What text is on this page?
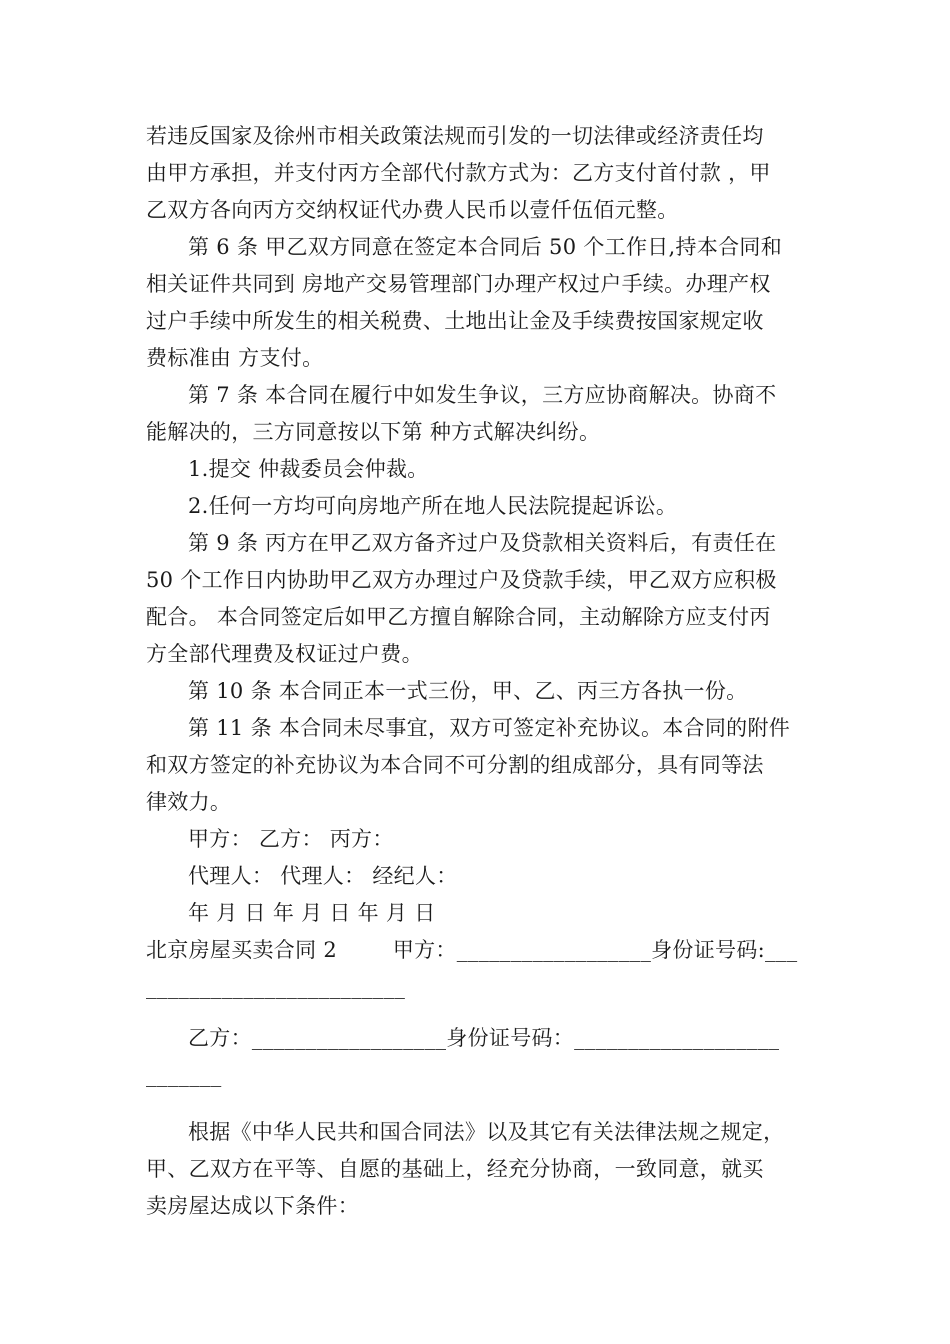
若违反国家及徐州市相关政策法规而引发的一切法律或经济责任均

由甲方承担，并支付丙方全部代付款方式为：乙方支付首付款 ，甲

乙双方各向丙方交纳权证代办费人民币以壹仟伍佰元整。

第 6 条 甲乙双方同意在签定本合同后 50 个工作日,持本合同和

相关证件共同到 房地产交易管理部门办理产权过户手续。办理产权

过户手续中所发生的相关税费、土地出让金及手续费按国家规定收

费标准由 方支付。

第 7 条 本合同在履行中如发生争议，三方应协商解决。协商不

能解决的，三方同意按以下第 种方式解决纠纷。

1.提交 仲裁委员会仲裁。

2.任何一方均可向房地产所在地人民法院提起诉讼。

第 9 条 丙方在甲乙双方备齐过户及贷款相关资料后，有责任在

50 个工作日内协助甲乙双方办理过户及贷款手续，甲乙双方应积极

配合。 本合同签定后如甲乙方擅自解除合同，主动解除方应支付丙

方全部代理费及权证过户费。

第 10 条 本合同正本一式三份，甲、乙、丙三方各执一份。

第 11 条 本合同未尽事宜，双方可签定补充协议。本合同的附件

和双方签定的补充协议为本合同不可分割的组成部分，具有同等法

律效力。

甲方： 乙方： 丙方：

代理人： 代理人： 经纪人：

年 月 日 年 月 日 年 月 日

北京房屋买卖合同 2        甲方：__________________身份证号码:___

________________________

乙方：__________________身份证号码：___________________

_______

根据《中华人民共和国合同法》以及其它有关法律法规之规定，

甲、乙双方在平等、自愿的基础上，经充分协商，一致同意，就买

卖房屋达成以下条件：
